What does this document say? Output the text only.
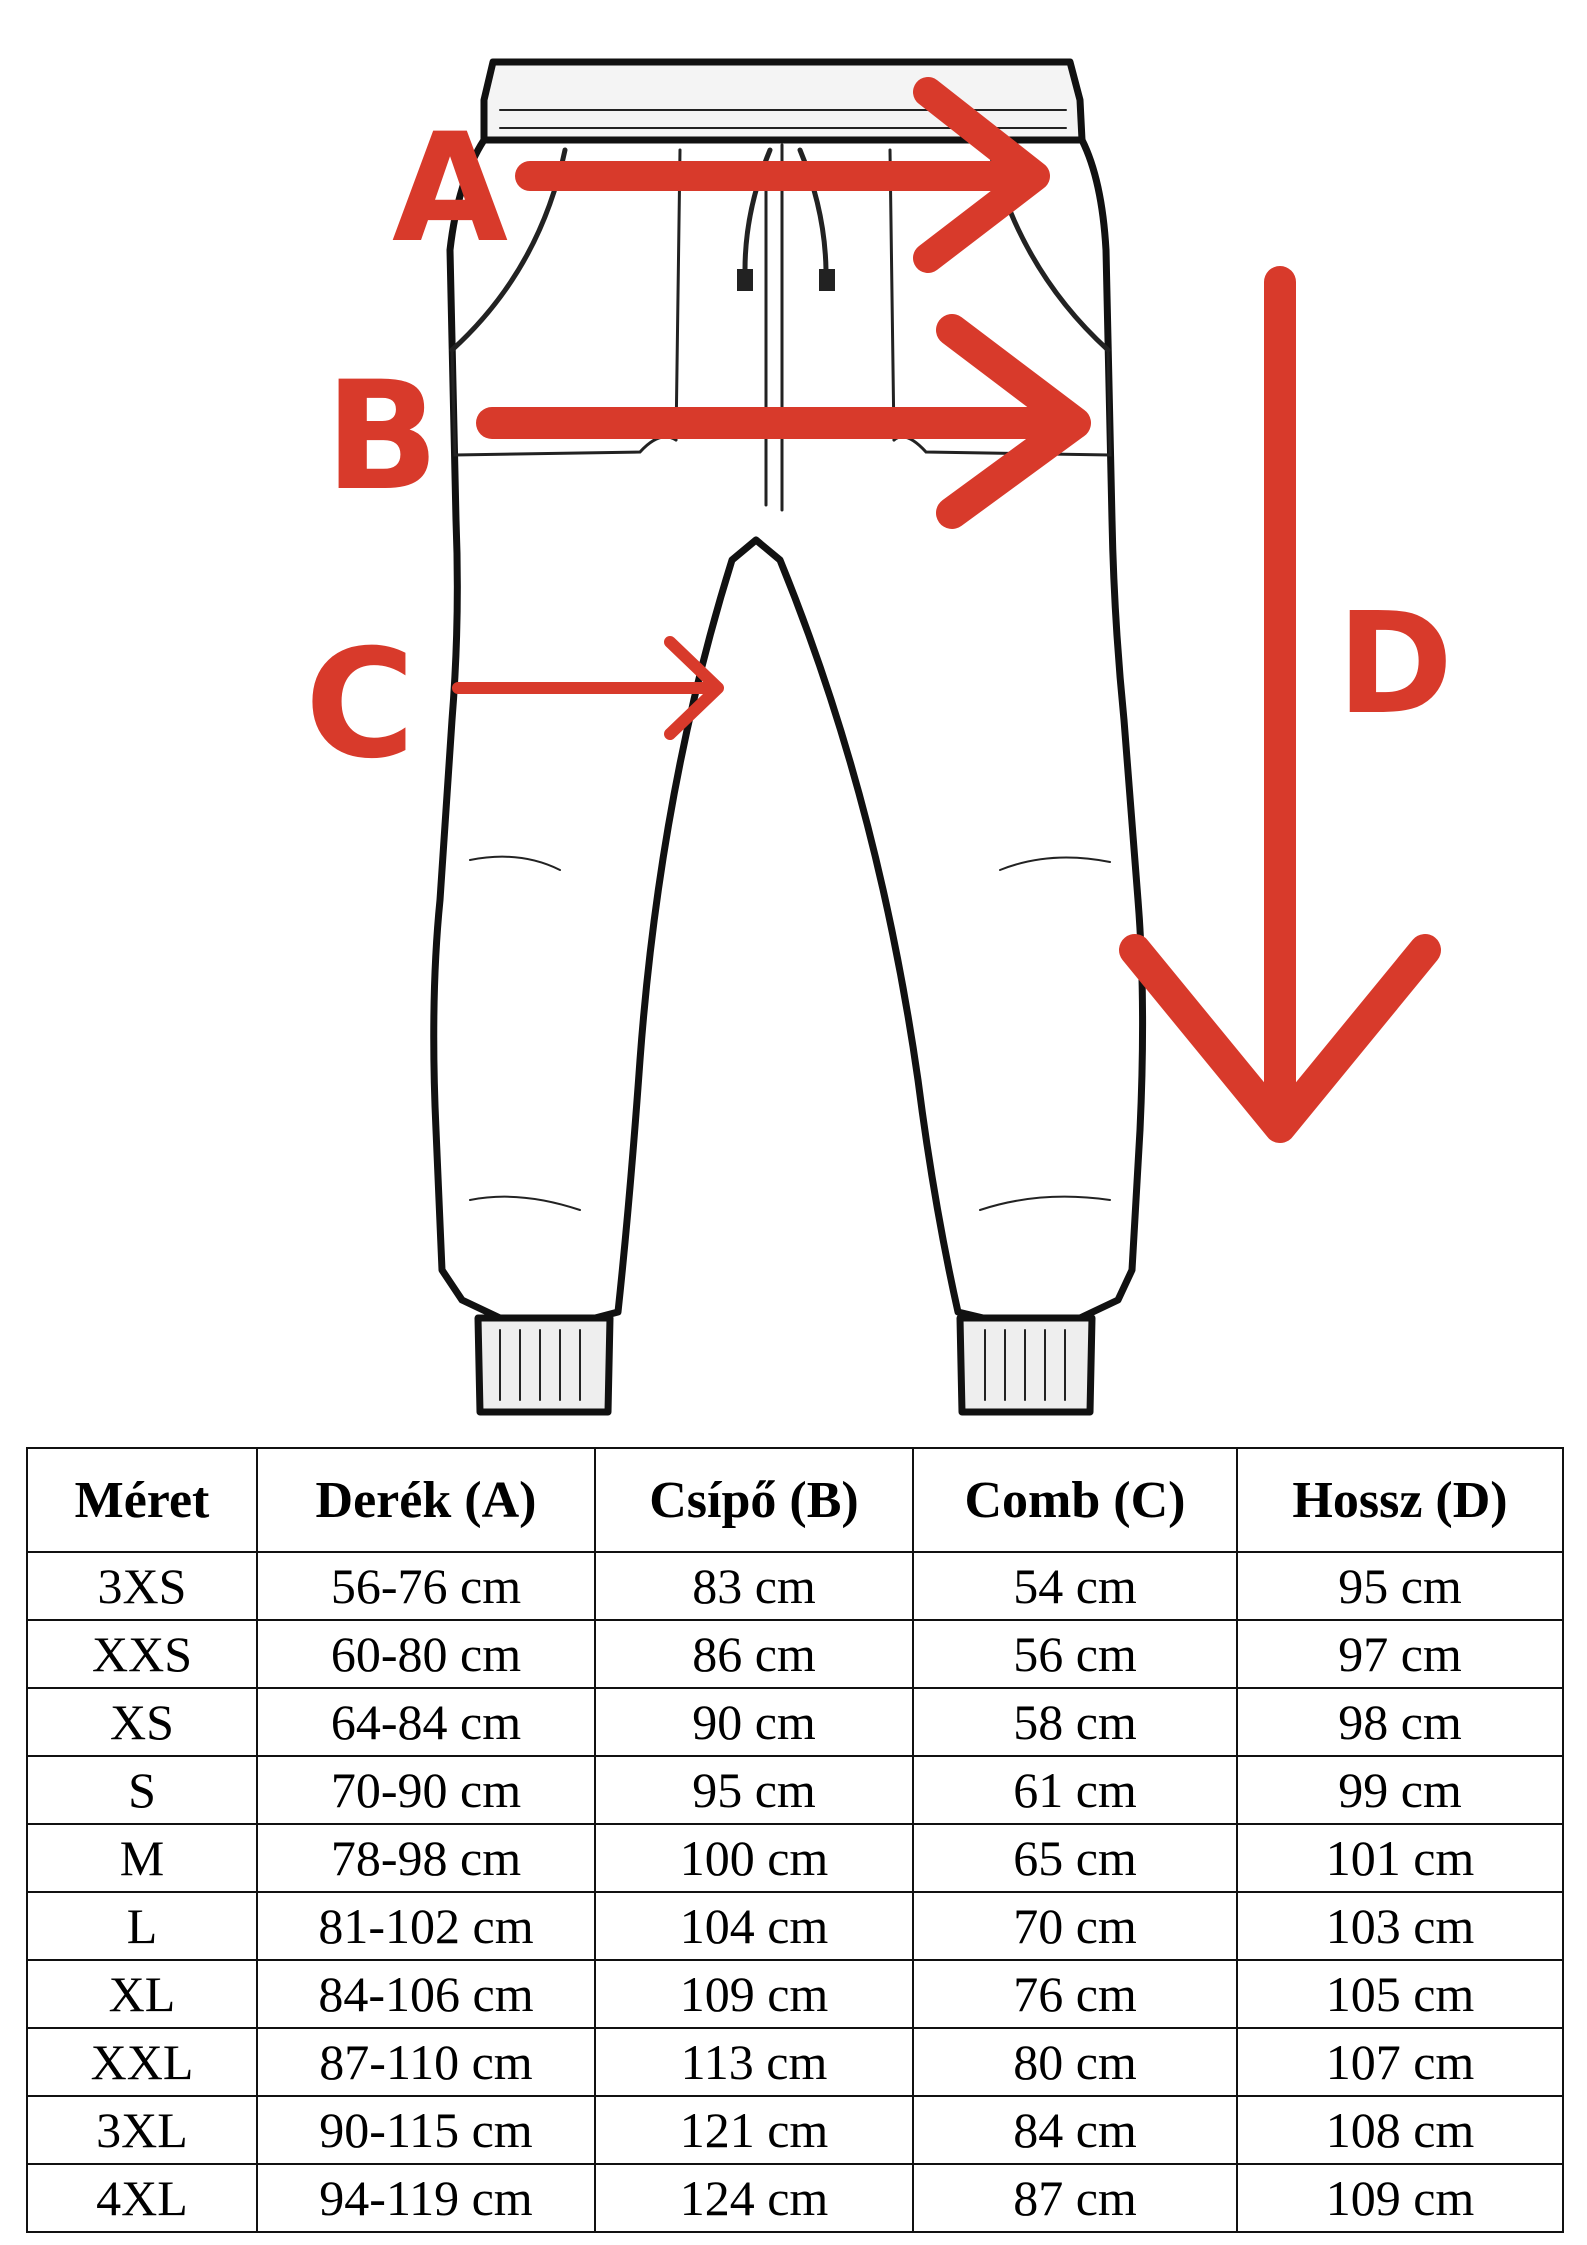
A
B
C	D
Méret	Derék (A)	Csípő (B)	Comb (C)	Hossz (D)
3XS	56-76 cm	83 cm	54 cm	95 cm
XXS	60-80 cm	86 cm	56 cm	97 cm
XS	64-84 cm	90 cm	58 cm	98 cm
S	70-90 cm	95 cm	61 cm	99 cm
M	78-98 cm	100 cm	65 cm	101 cm
L	81-102 cm	104 cm	70 cm	103 cm
XL	84-106 cm	109 cm	76 cm	105 cm
XXL	87-110 cm	113 cm	80 cm	107 cm
3XL	90-115 cm	121 cm	84 cm	108 cm
4XL	94-119 cm	124 cm	87 cm	109 cm
